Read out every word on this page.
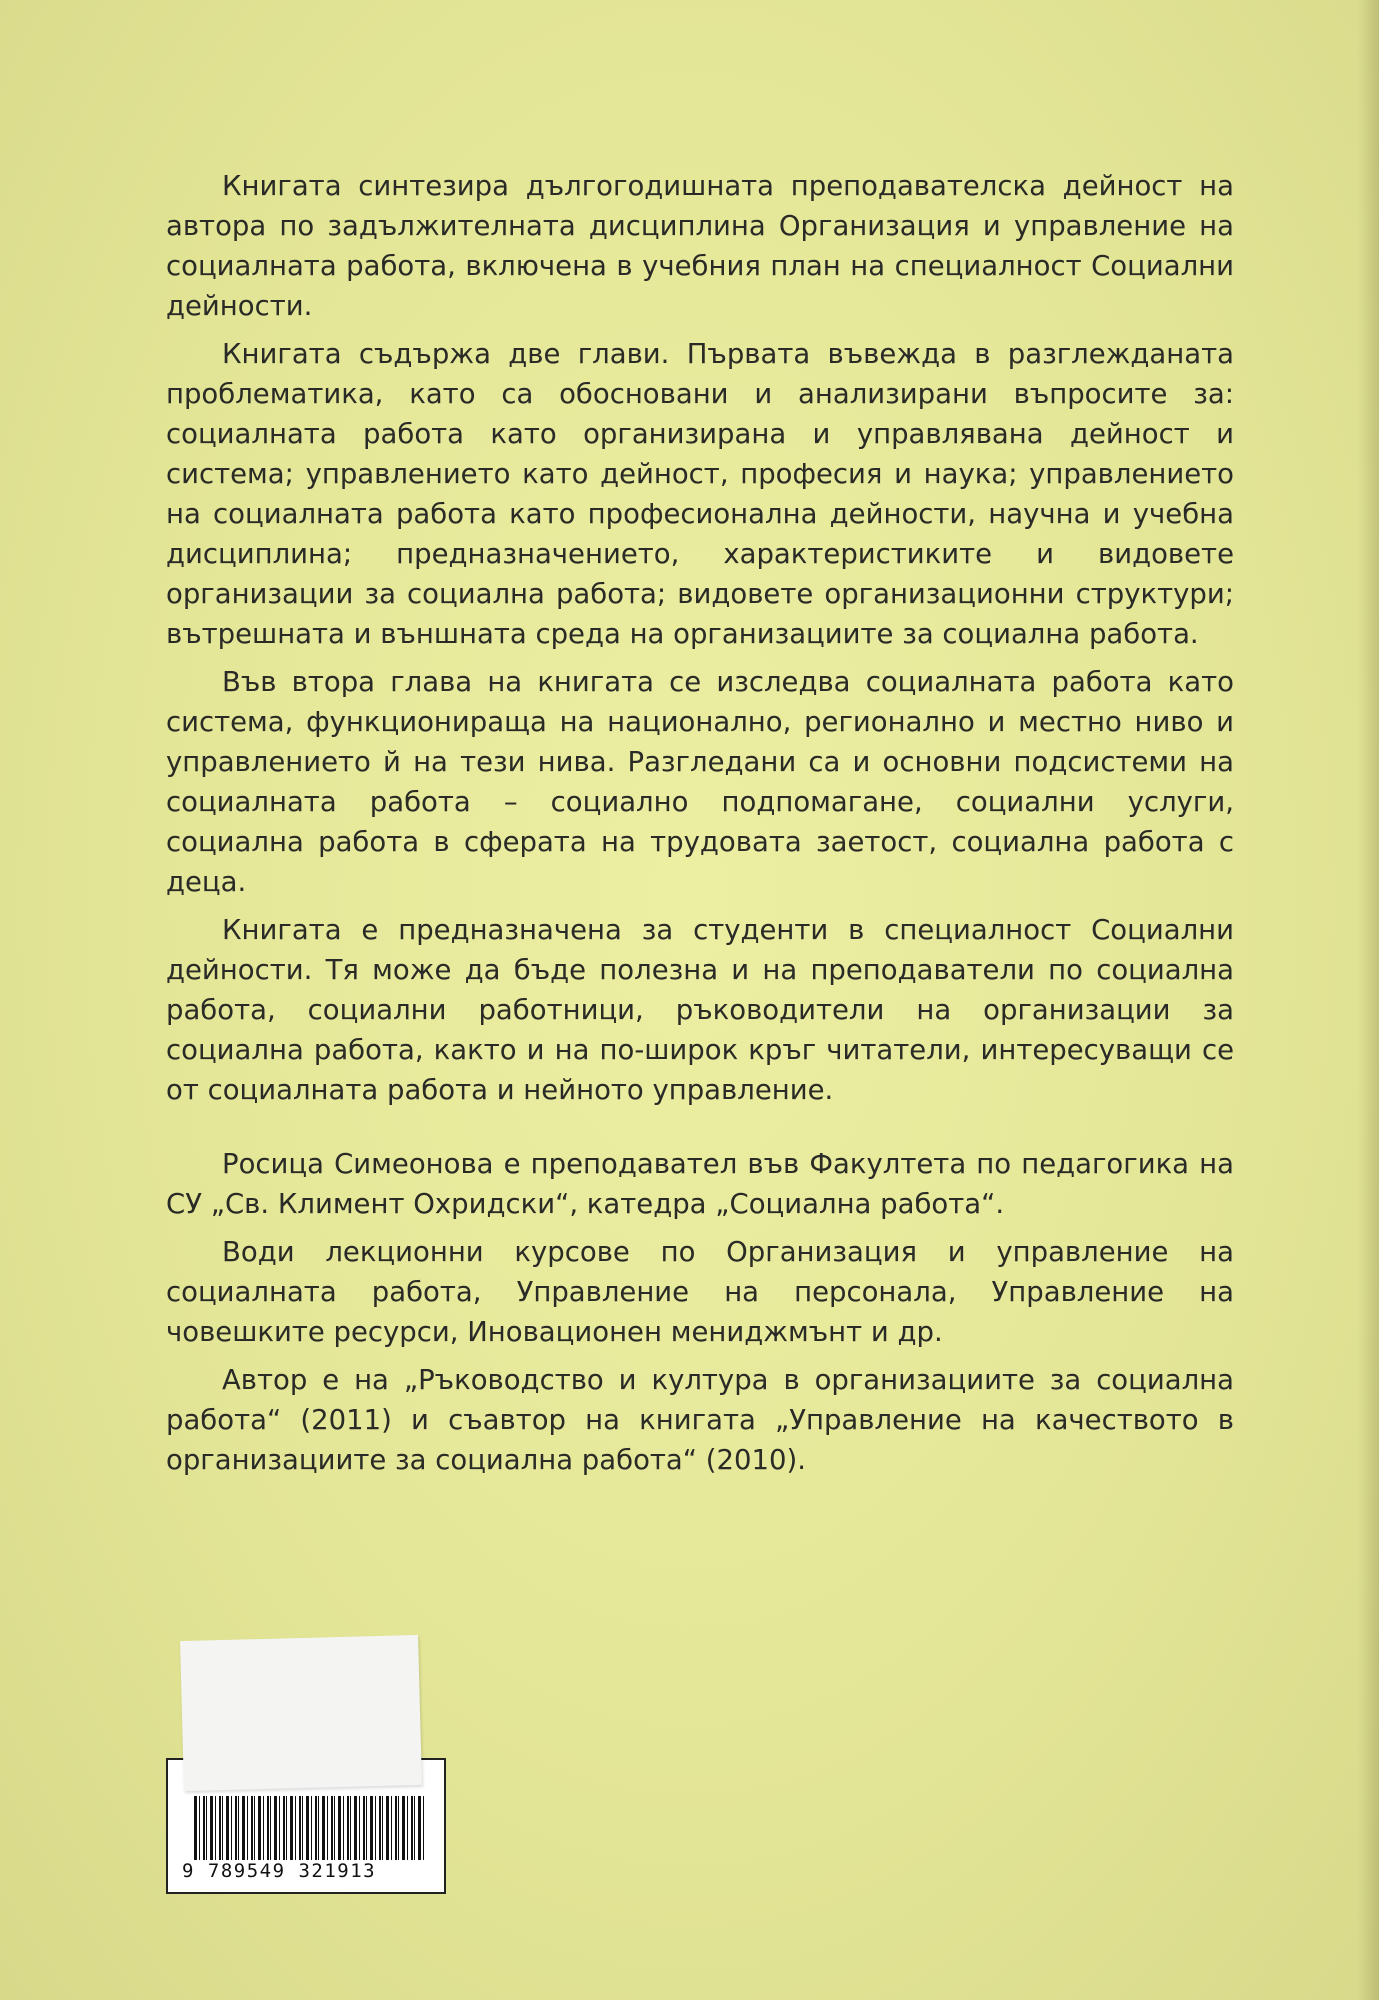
Книгата синтезира дългогодишната преподавателска дейност на автора по задължителната дисциплина Организация и управление на социалната работа, включена в учебния план на специалност Социални дейности.

Книгата съдържа две глави. Първата въвежда в разглежданата проблематика, като са обосновани и анализирани въпросите за: социалната работа като организирана и управлявана дейност и система; управлението като дейност, професия и наука; управлението на социалната работа като професионална дейности, научна и учебна дисциплина; предназначението, характеристиките и видовете организации за социална работа; видовете организационни структури; вътрешната и външната среда на организациите за социална работа.

Във втора глава на книгата се изследва социалната работа като система, функционираща на национално, регионално и местно ниво и управлението й на тези нива. Разгледани са и основни подсистеми на социалната работа – социално подпомагане, социални услуги, социална работа в сферата на трудовата заетост, социална работа с деца.

Книгата е предназначена за студенти в специалност Социални дейности. Тя може да бъде полезна и на преподаватели по социална работа, социални работници, ръководители на организации за социална работа, както и на по-широк кръг читатели, интересуващи се от социалната работа и нейното управление.

Росица Симеонова е преподавател във Факултета по педагогика на СУ „Св. Климент Охридски“, катедра „Социална работа“.

Води лекционни курсове по Организация и управление на социалната работа, Управление на персонала, Управление на човешките ресурси, Иновационен мениджмънт и др.

Автор е на „Ръководство и култура в организациите за социална работа“ (2011) и съавтор на книгата „Управление на качеството в организациите за социална работа“ (2010).

9 789549 321913
